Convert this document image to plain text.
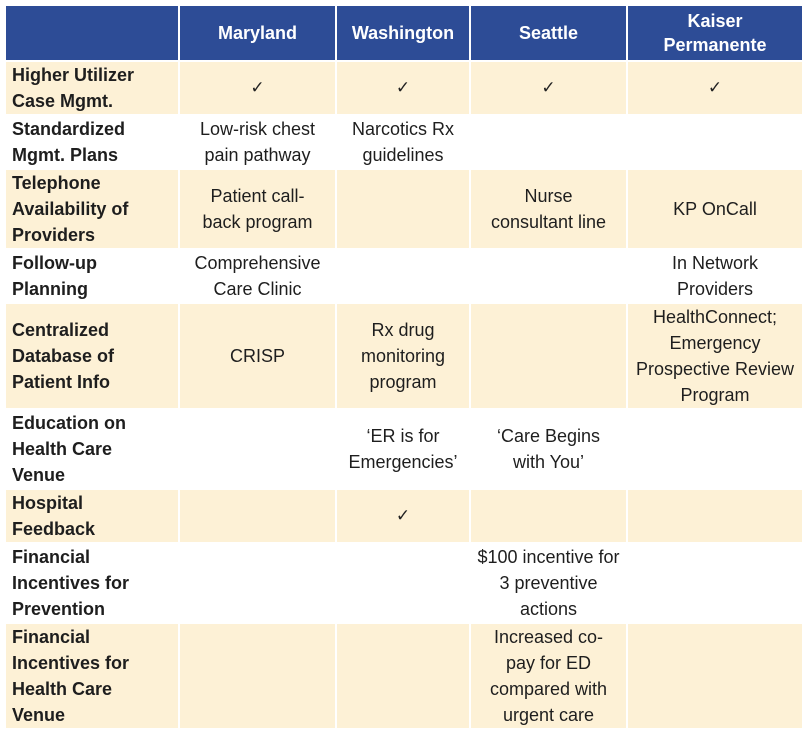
	Maryland	Washington	Seattle	Kaiser Permanente
Higher Utilizer Case Mgmt.	✓	✓	✓	✓
Standardized Mgmt. Plans	Low-risk chest pain pathway	Narcotics Rx guidelines		
Telephone Availability of Providers	Patient call-back program		Nurse consultant line	KP OnCall
Follow-up Planning	Comprehensive Care Clinic			In Network Providers
Centralized Database of Patient Info	CRISP	Rx drug monitoring program		HealthConnect; Emergency Prospective Review Program
Education on Health Care Venue		‘ER is for Emergencies’	‘Care Begins with You’	
Hospital Feedback		✓		
Financial Incentives for Prevention			$100 incentive for 3 preventive actions	
Financial Incentives for Health Care Venue			Increased co-pay for ED compared with urgent care	
